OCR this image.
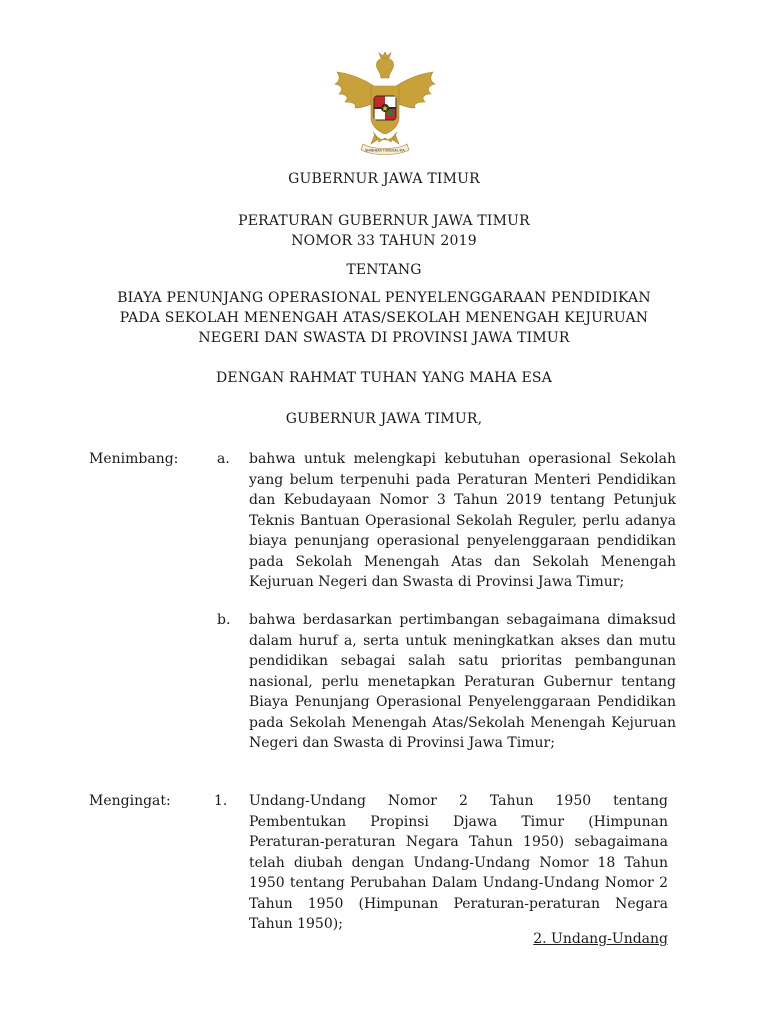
BHINNEKA TUNGGAL IKA
GUBERNUR JAWA TIMUR
PERATURAN GUBERNUR JAWA TIMUR
NOMOR 33 TAHUN 2019
TENTANG
BIAYA PENUNJANG OPERASIONAL PENYELENGGARAAN PENDIDIKAN
PADA SEKOLAH MENENGAH ATAS/SEKOLAH MENENGAH KEJURUAN
NEGERI DAN SWASTA DI PROVINSI JAWA TIMUR
DENGAN RAHMAT TUHAN YANG MAHA ESA
GUBERNUR JAWA TIMUR,
Menimbang:	a. bahwa untuk melengkapi kebutuhan operasional Sekolah yang belum terpenuhi pada Peraturan Menteri Pendidikan dan Kebudayaan Nomor 3 Tahun 2019 tentang Petunjuk Teknis Bantuan Operasional Sekolah Reguler, perlu adanya biaya penunjang operasional penyelenggaraan pendidikan pada Sekolah Menengah Atas dan Sekolah Menengah Kejuruan Negeri dan Swasta di Provinsi Jawa Timur;
b. bahwa berdasarkan pertimbangan sebagaimana dimaksud dalam huruf a, serta untuk meningkatkan akses dan mutu pendidikan sebagai salah satu prioritas pembangunan nasional, perlu menetapkan Peraturan Gubernur tentang Biaya Penunjang Operasional Penyelenggaraan Pendidikan pada Sekolah Menengah Atas/Sekolah Menengah Kejuruan Negeri dan Swasta di Provinsi Jawa Timur;
Mengingat:	1. Undang-Undang Nomor 2 Tahun 1950 tentang Pembentukan Propinsi Djawa Timur (Himpunan Peraturan-peraturan Negara Tahun 1950) sebagaimana telah diubah dengan Undang-Undang Nomor 18 Tahun 1950 tentang Perubahan Dalam Undang-Undang Nomor 2 Tahun 1950 (Himpunan Peraturan-peraturan Negara Tahun 1950);
2. Undang-Undang
